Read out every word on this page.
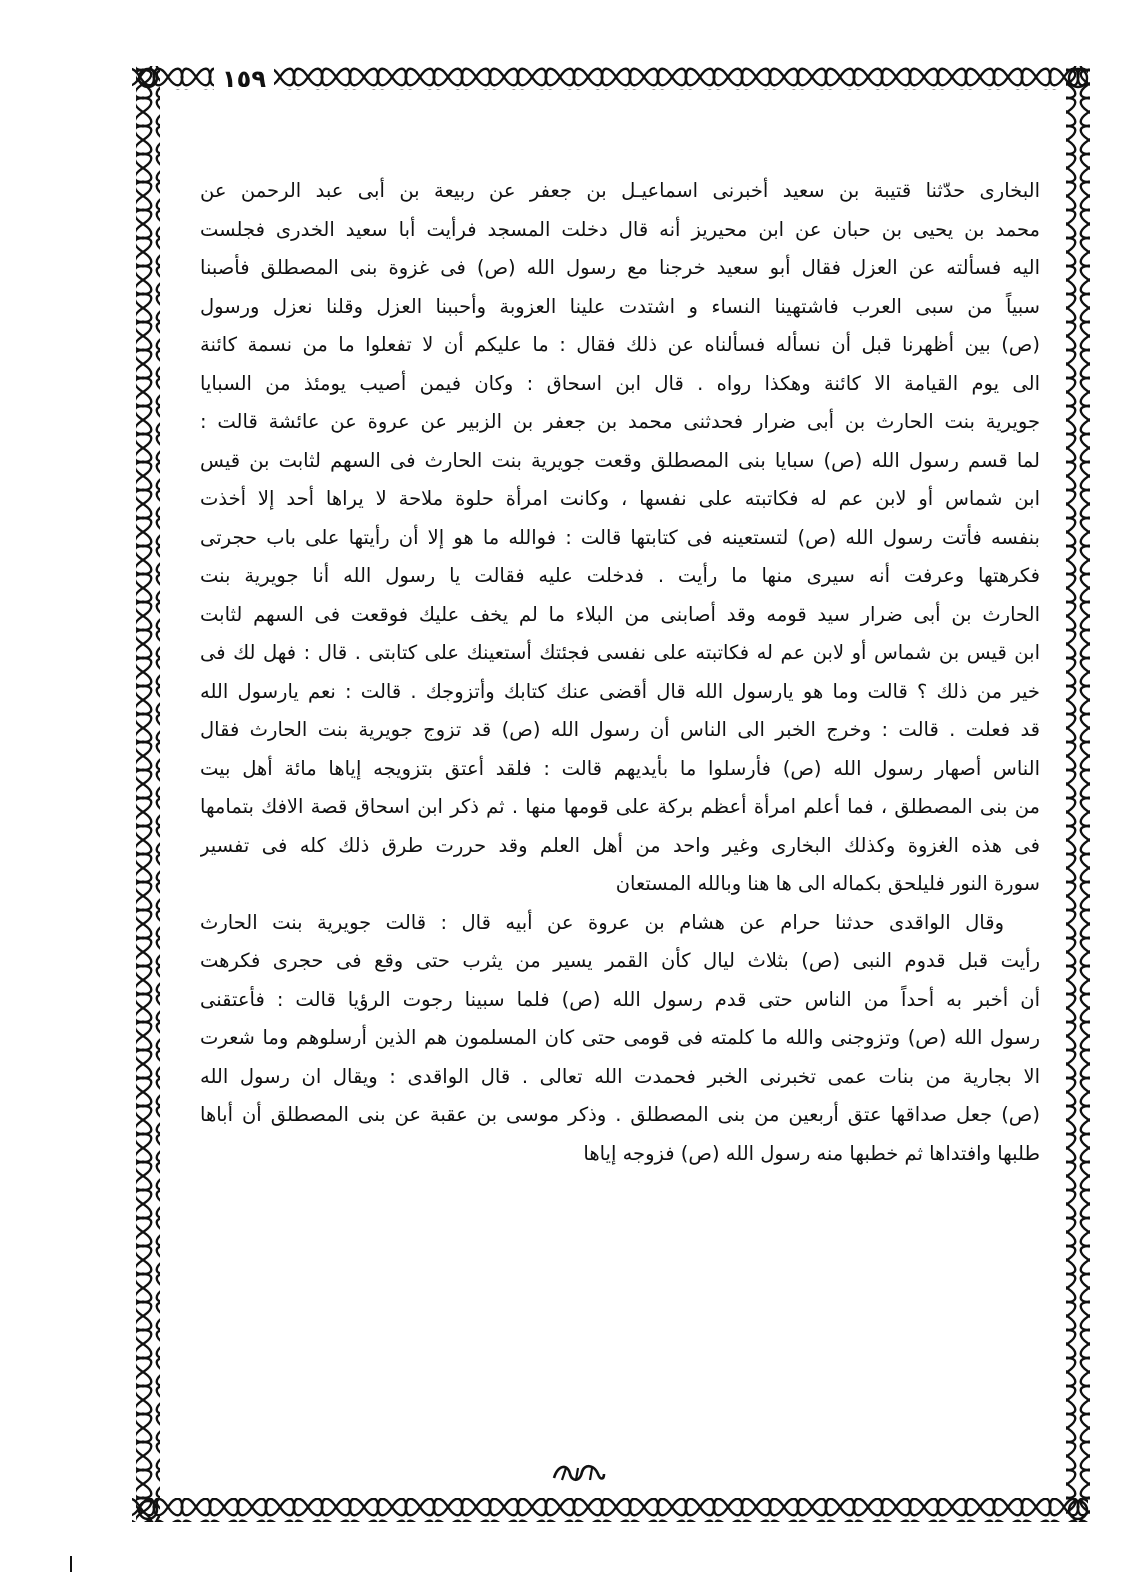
١٥٩
البخارى حدّثنا قتيبة بن سعيد أخبرنى اسماعيـل بن جعفر عن ربيعة بن أبى عبد الرحمن عن
محمد بن يحيى بن حبان عن ابن محيريز أنه قال دخلت المسجد فرأيت أبا سعيد الخدرى فجلست
اليه فسألته عن العزل فقال أبو سعيد خرجنا مع رسول الله (ص) فى غزوة بنى المصطلق فأصبنا
سبياً من سبى العرب فاشتهينا النساء و اشتدت علينا العزوبة وأحببنا العزل وقلنا نعزل ورسول
(ص) بين أظهرنا قبل أن نسأله فسألناه عن ذلك فقال : ما عليكم أن لا تفعلوا ما من نسمة كائنة
الى يوم القيامة الا كائنة وهكذا رواه . قال ابن اسحاق : وكان فيمن أصيب يومئذ من السبايا
جويرية بنت الحارث بن أبى ضرار فحدثنى محمد بن جعفر بن الزبير عن عروة عن عائشة قالت :
لما قسم رسول الله (ص) سبايا بنى المصطلق وقعت جويرية بنت الحارث فى السهم لثابت بن قيس
ابن شماس أو لابن عم له فكاتبته على نفسها ، وكانت امرأة حلوة ملاحة لا يراها أحد إلا أخذت
بنفسه فأتت رسول الله (ص) لتستعينه فى كتابتها قالت : فوالله ما هو إلا أن رأيتها على باب حجرتى
فكرهتها وعرفت أنه سيرى منها ما رأيت . فدخلت عليه فقالت يا رسول الله أنا جويرية بنت
الحارث بن أبى ضرار سيد قومه وقد أصابنى من البلاء ما لم يخف عليك فوقعت فى السهم لثابت
ابن قيس بن شماس أو لابن عم له فكاتبته على نفسى فجئتك أستعينك على كتابتى . قال : فهل لك فى
خير من ذلك ؟ قالت وما هو يارسول الله قال أقضى عنك كتابك وأتزوجك . قالت : نعم يارسول الله
قد فعلت . قالت : وخرج الخبر الى الناس أن رسول الله (ص) قد تزوج جويرية بنت الحارث فقال
الناس أصهار رسول الله (ص) فأرسلوا ما بأيديهم قالت : فلقد أعتق بتزويجه إياها مائة أهل بيت
من بنى المصطلق ، فما أعلم امرأة أعظم بركة على قومها منها . ثم ذكر ابن اسحاق قصة الافك بتمامها
فى هذه الغزوة وكذلك البخارى وغير واحد من أهل العلم وقد حررت طرق ذلك كله فى تفسير
سورة النور فليلحق بكماله الى ها هنا وبالله المستعان
وقال الواقدى حدثنا حرام عن هشام بن عروة عن أبيه قال : قالت جويرية بنت الحارث
رأيت قبل قدوم النبى (ص) بثلاث ليال كأن القمر يسير من يثرب حتى وقع فى حجرى فكرهت
أن أخبر به أحداً من الناس حتى قدم رسول الله (ص) فلما سبينا رجوت الرؤيا قالت : فأعتقنى
رسول الله (ص) وتزوجنى والله ما كلمته فى قومى حتى كان المسلمون هم الذين أرسلوهم وما شعرت
الا بجارية من بنات عمى تخبرنى الخبر فحمدت الله تعالى . قال الواقدى : ويقال ان رسول الله
(ص) جعل صداقها عتق أربعين من بنى المصطلق . وذكر موسى بن عقبة عن بنى المصطلق أن أباها
طلبها وافتداها ثم خطبها منه رسول الله (ص) فزوجه إياها
